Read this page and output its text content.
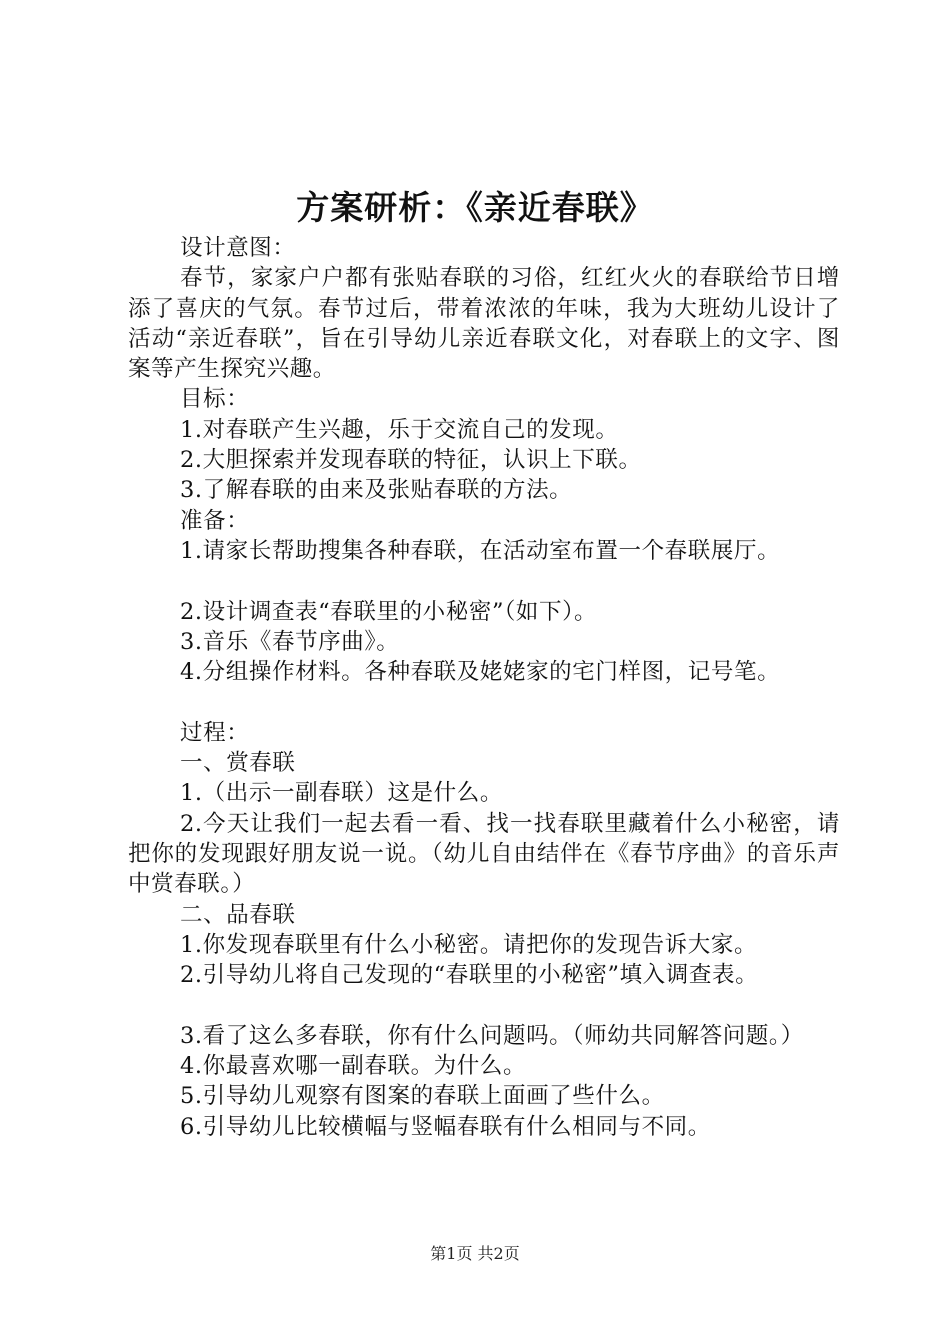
方案研析：《亲近春联》

设计意图：

春节，家家户户都有张贴春联的习俗，红红火火的春联给节日增添了喜庆的气氛。春节过后，带着浓浓的年味，我为大班幼儿设计了活动“亲近春联”，旨在引导幼儿亲近春联文化，对春联上的文字、图案等产生探究兴趣。

目标：

1.对春联产生兴趣，乐于交流自己的发现。

2.大胆探索并发现春联的特征，认识上下联。

3.了解春联的由来及张贴春联的方法。

准备：

1.请家长帮助搜集各种春联，在活动室布置一个春联展厅。

2.设计调查表“春联里的小秘密”（如下）。

3.音乐《春节序曲》。

4.分组操作材料。各种春联及姥姥家的宅门样图，记号笔。

过程：

一、赏春联

1.（出示一副春联）这是什么。

2.今天让我们一起去看一看、找一找春联里藏着什么小秘密，请把你的发现跟好朋友说一说。（幼儿自由结伴在《春节序曲》的音乐声中赏春联。）

二、品春联

1.你发现春联里有什么小秘密。请把你的发现告诉大家。

2.引导幼儿将自己发现的“春联里的小秘密”填入调查表。

3.看了这么多春联，你有什么问题吗。（师幼共同解答问题。）

4.你最喜欢哪一副春联。为什么。

5.引导幼儿观察有图案的春联上面画了些什么。

6.引导幼儿比较横幅与竖幅春联有什么相同与不同。

第1页 共2页
